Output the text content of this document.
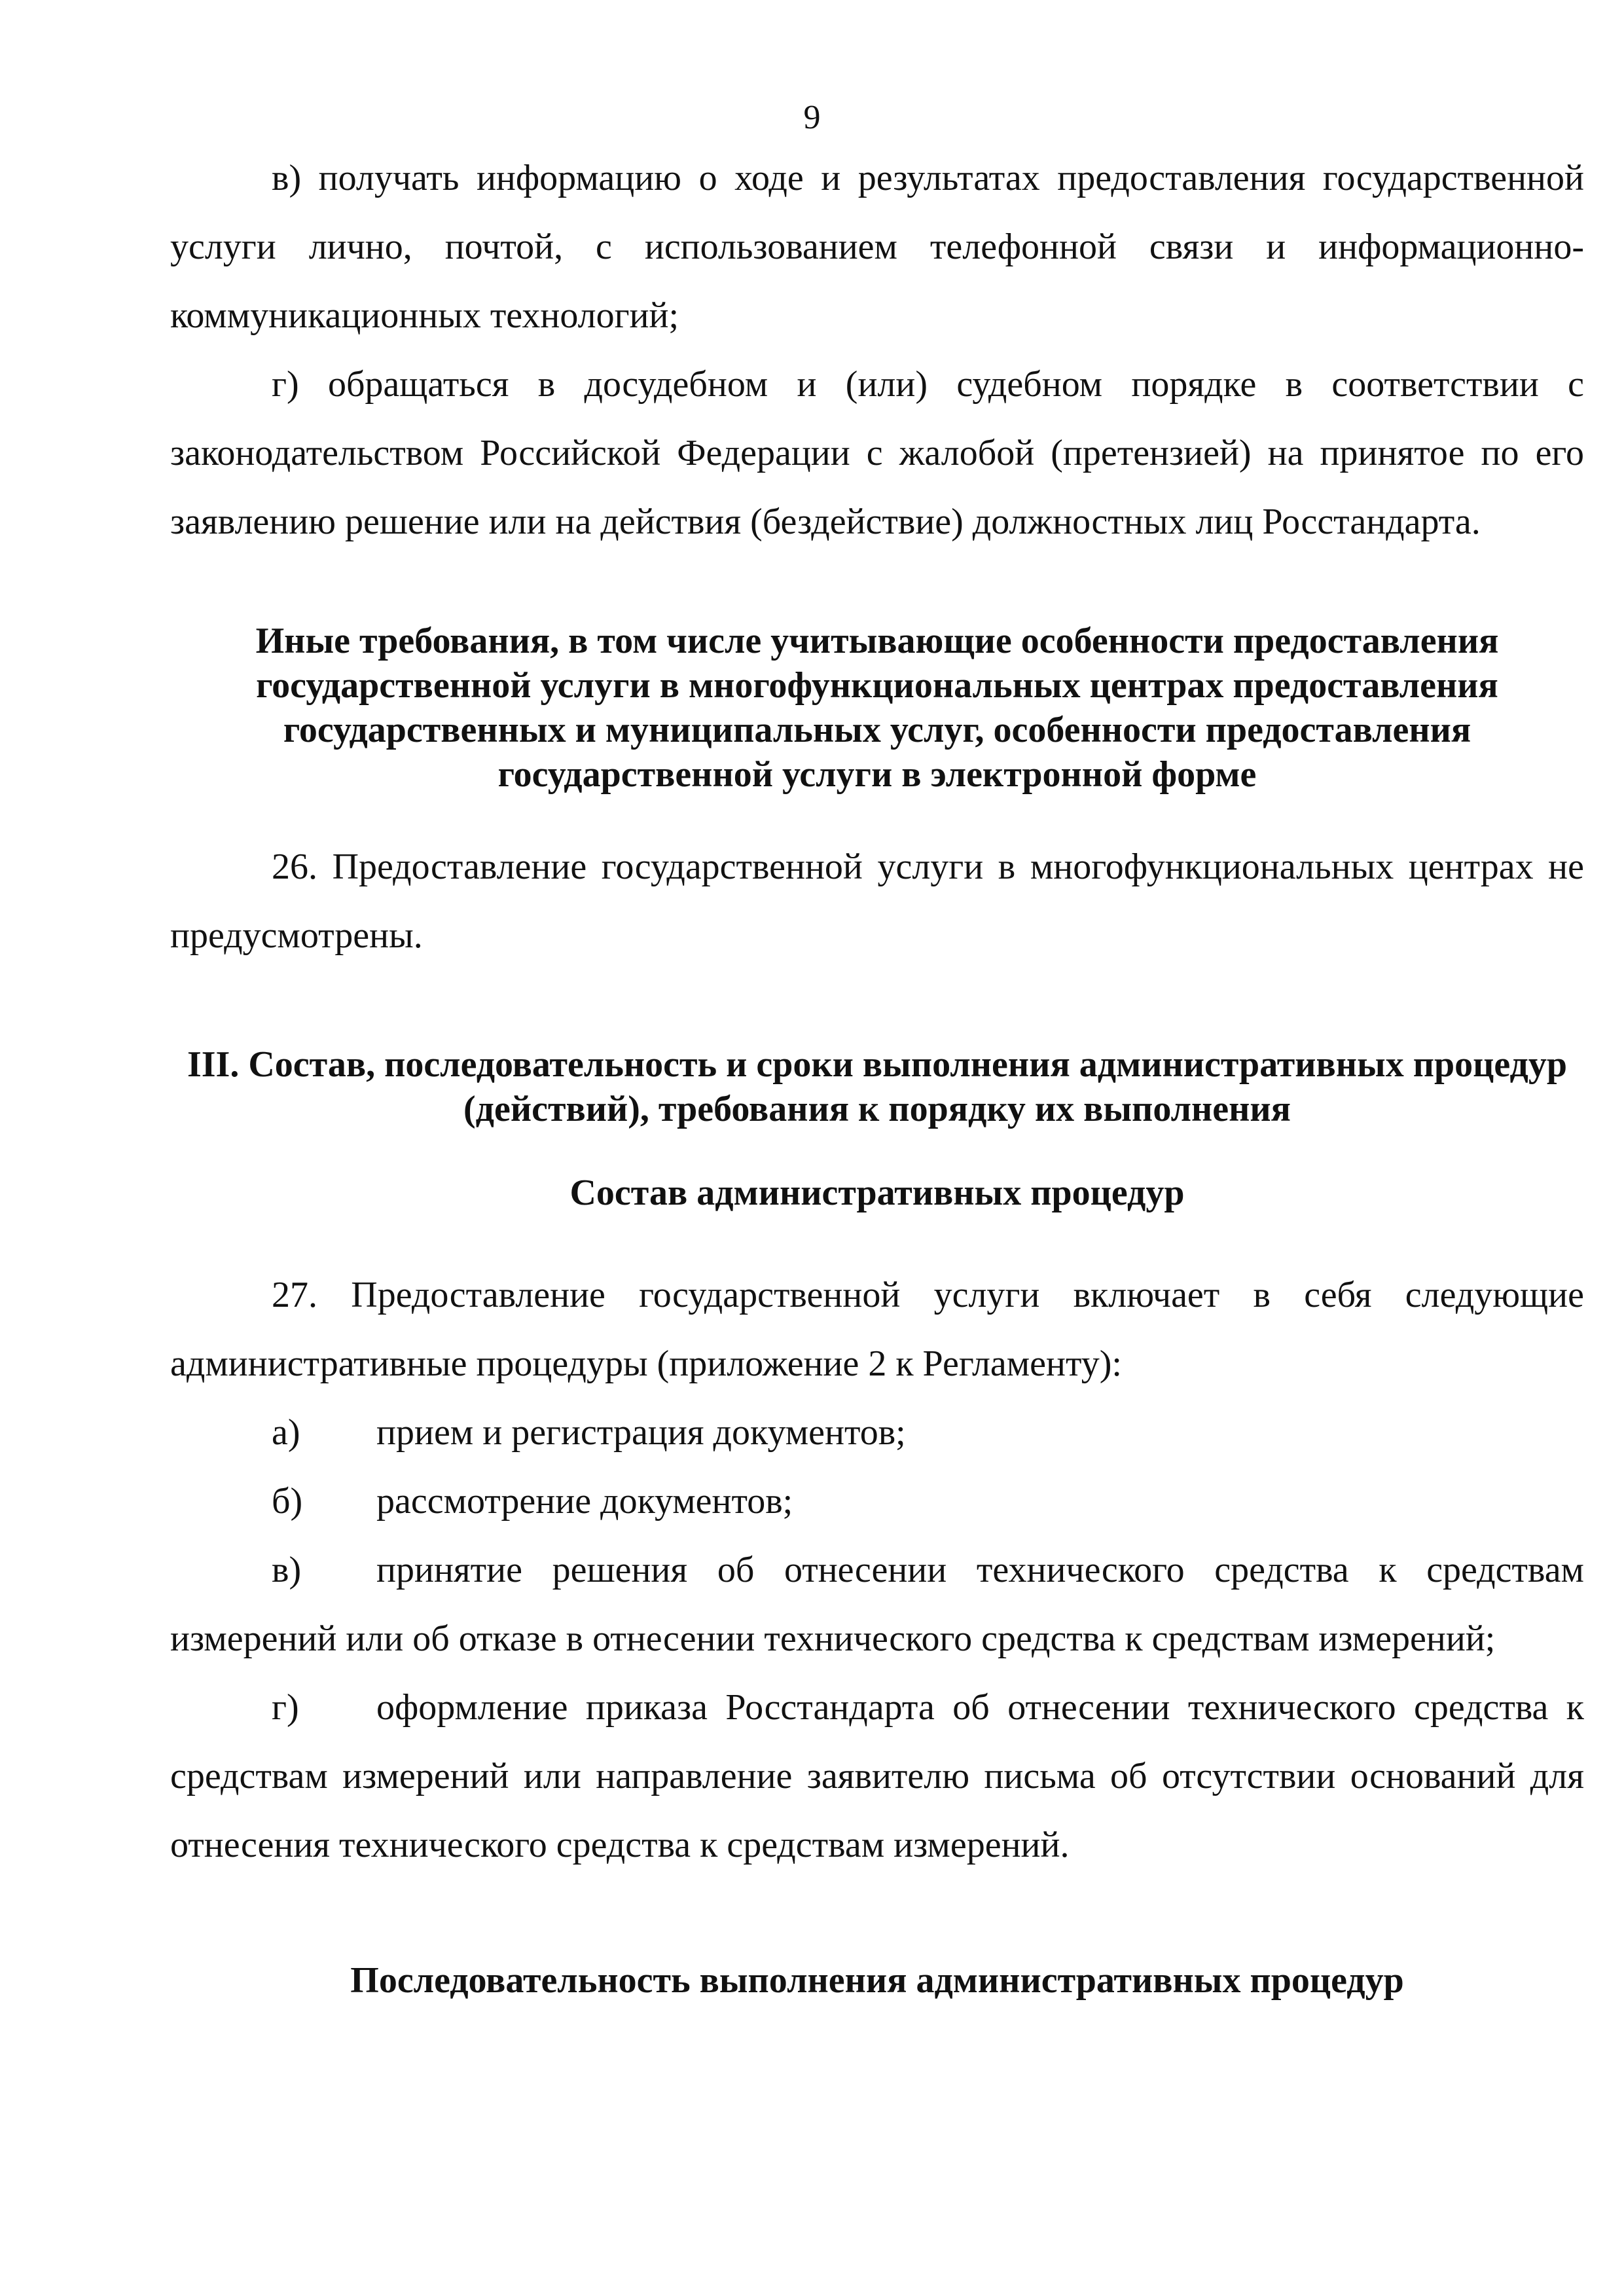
9

в) получать информацию о ходе и результатах предоставления государственной услуги лично, почтой, с использованием телефонной связи и информационно-коммуникационных технологий;

г) обращаться в досудебном и (или) судебном порядке в соответствии с законодательством Российской Федерации с жалобой (претензией) на принятое по его заявлению решение или на действия (бездействие) должностных лиц Росстандарта.

Иные требования, в том числе учитывающие особенности предоставления государственной услуги в многофункциональных центрах предоставления государственных и муниципальных услуг, особенности предоставления государственной услуги в электронной форме

26. Предоставление государственной услуги в многофункциональных центрах не предусмотрены.

III. Состав, последовательность и сроки выполнения административных процедур (действий), требования к порядку их выполнения
Состав административных процедур

27. Предоставление государственной услуги включает в себя следующие административные процедуры (приложение 2 к Регламенту):

а)	прием и регистрация документов;
б)	рассмотрение документов;
в) принятие решения об отнесении технического средства к средствам измерений или об отказе в отнесении технического средства к средствам измерений;
г) оформление приказа Росстандарта об отнесении технического средства к средствам измерений или направление заявителю письма об отсутствии оснований для отнесения технического средства к средствам измерений.
Последовательность выполнения административных процедур
